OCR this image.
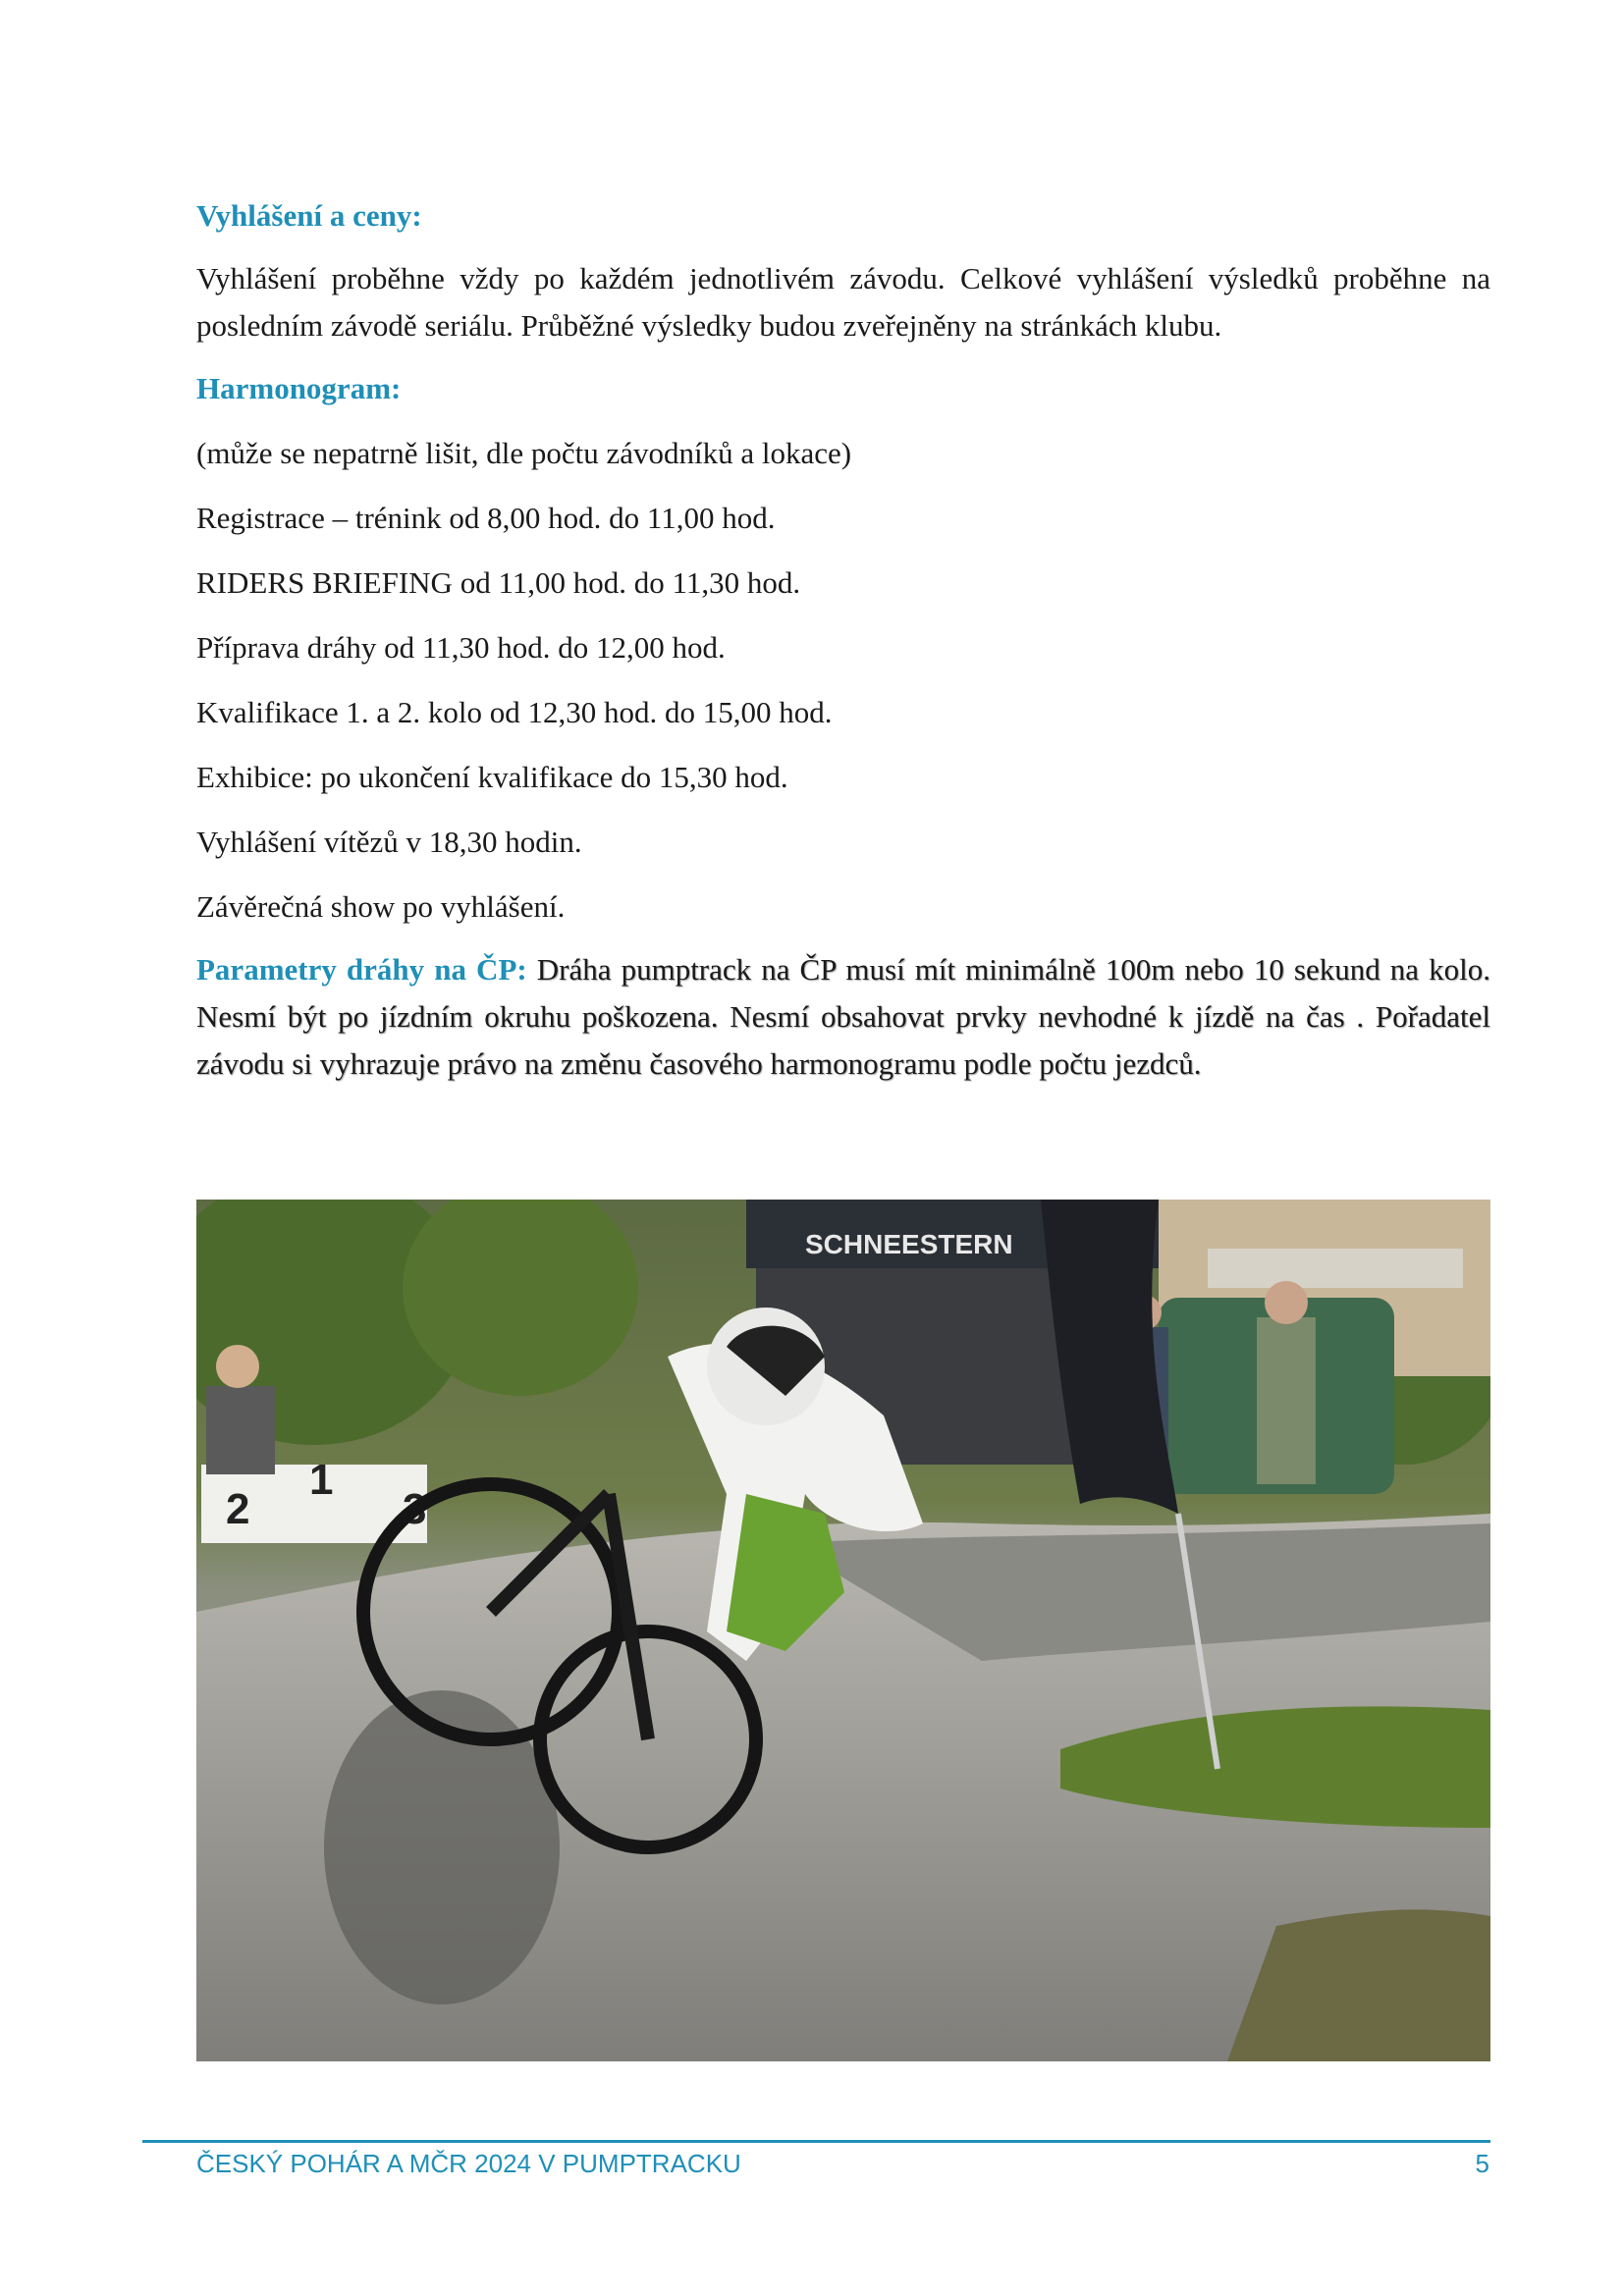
Vyhlášení a ceny:

Vyhlášení proběhne vždy po každém jednotlivém závodu. Celkové vyhlášení výsledků proběhne na posledním závodě seriálu. Průběžné výsledky budou zveřejněny na stránkách klubu.

Harmonogram:

(může se nepatrně lišit, dle počtu závodníků a lokace)

Registrace – trénink od 8,00 hod. do 11,00 hod.

RIDERS BRIEFING od 11,00 hod. do 11,30 hod.

Příprava dráhy od 11,30 hod. do 12,00 hod.

Kvalifikace 1. a 2. kolo od 12,30 hod. do 15,00 hod.

Exhibice: po ukončení kvalifikace do 15,30 hod.

Vyhlášení vítězů v 18,30 hodin.

Závěrečná show po vyhlášení.

Parametry dráhy na ČP: Dráha pumptrack na ČP musí mít minimálně 100m nebo 10 sekund na kolo. Nesmí být po jízdním okruhu poškozena. Nesmí obsahovat prvky nevhodné k jízdě na čas . Pořadatel závodu si vyhrazuje právo na změnu časového harmonogramu podle počtu jezdců.

SCHNEESTERN
2
1
3
ČESKÝ POHÁR A MČR 2024 V PUMPTRACKU	5
